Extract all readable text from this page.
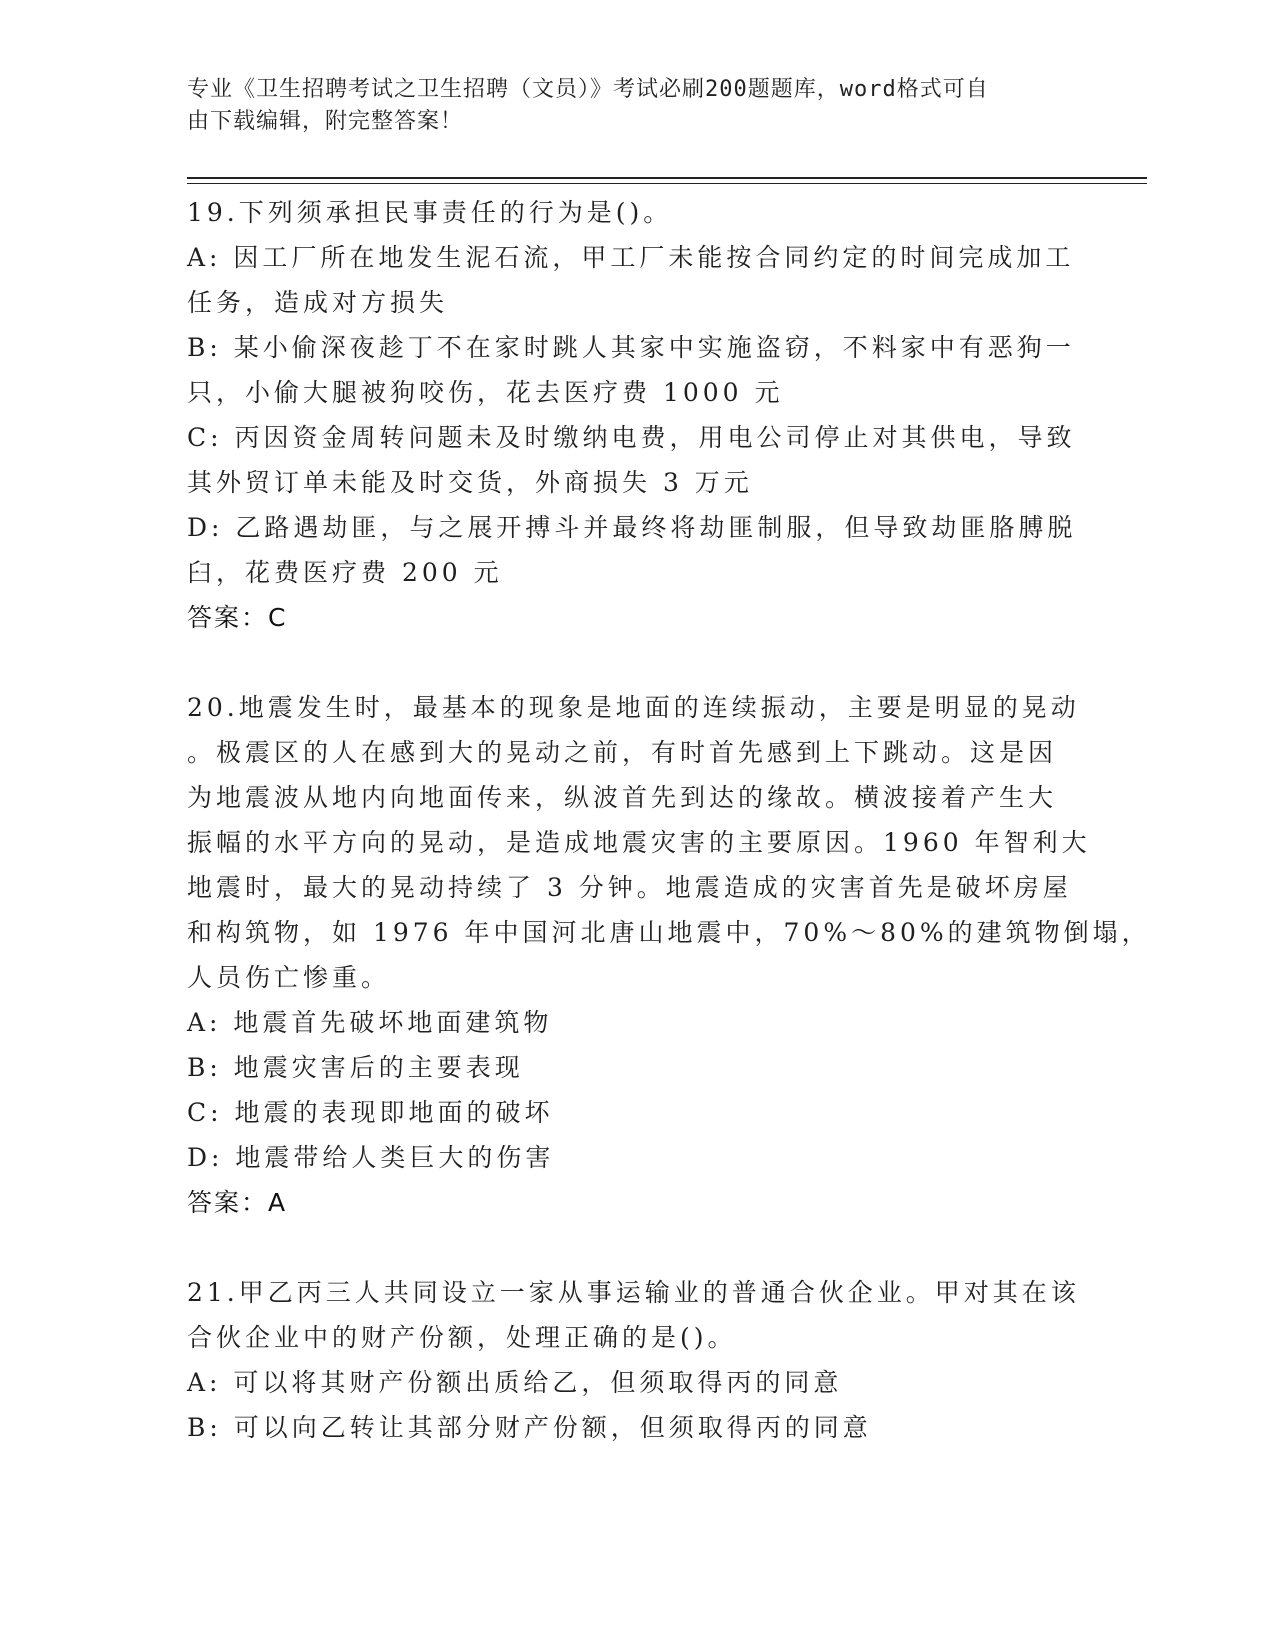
专业《卫生招聘考试之卫生招聘（文员）》考试必刷200题题库，word格式可自
由下载编辑，附完整答案！
19.下列须承担民事责任的行为是()。
A: 因工厂所在地发生泥石流，甲工厂未能按合同约定的时间完成加工
任务，造成对方损失
B: 某小偷深夜趁丁不在家时跳人其家中实施盗窃，不料家中有恶狗一
只，小偷大腿被狗咬伤，花去医疗费 1000 元
C: 丙因资金周转问题未及时缴纳电费，用电公司停止对其供电，导致
其外贸订单未能及时交货，外商损失 3 万元
D: 乙路遇劫匪，与之展开搏斗并最终将劫匪制服，但导致劫匪胳膊脱
臼，花费医疗费 200 元
答案：C
20.地震发生时，最基本的现象是地面的连续振动，主要是明显的晃动
。极震区的人在感到大的晃动之前，有时首先感到上下跳动。这是因
为地震波从地内向地面传来，纵波首先到达的缘故。横波接着产生大
振幅的水平方向的晃动，是造成地震灾害的主要原因。1960 年智利大
地震时，最大的晃动持续了 3 分钟。地震造成的灾害首先是破坏房屋
和构筑物，如 1976 年中国河北唐山地震中，70%～80%的建筑物倒塌，
人员伤亡惨重。
A: 地震首先破坏地面建筑物
B: 地震灾害后的主要表现
C: 地震的表现即地面的破坏
D: 地震带给人类巨大的伤害
答案：A
21.甲乙丙三人共同设立一家从事运输业的普通合伙企业。甲对其在该
合伙企业中的财产份额，处理正确的是()。
A: 可以将其财产份额出质给乙，但须取得丙的同意
B: 可以向乙转让其部分财产份额，但须取得丙的同意
